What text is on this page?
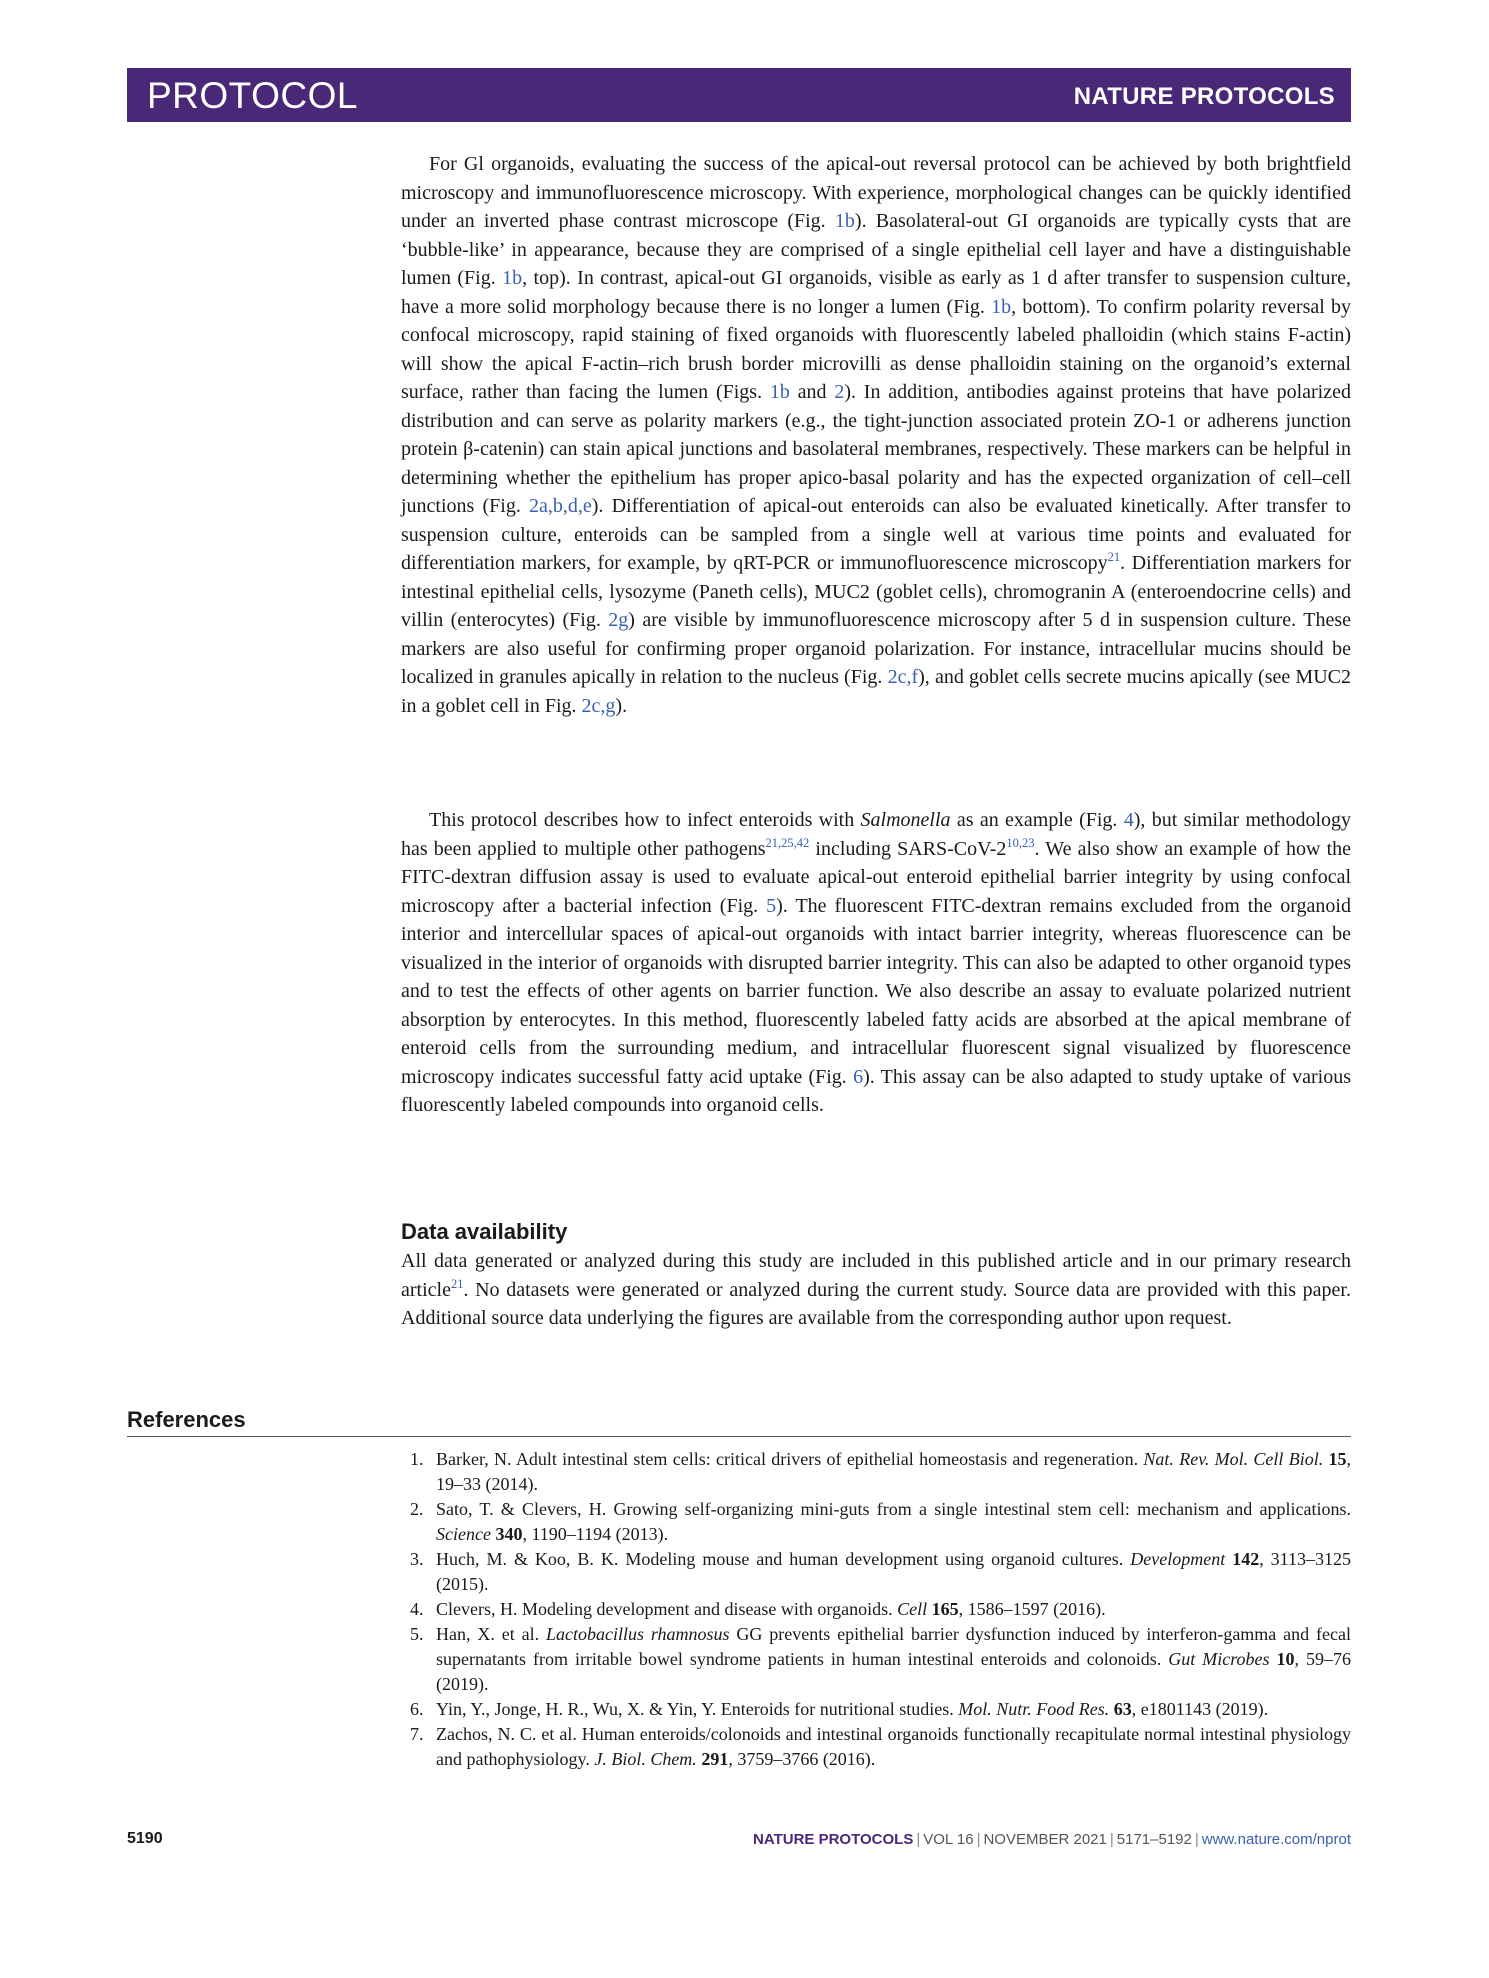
PROTOCOL	NATURE PROTOCOLS

For Gl organoids, evaluating the success of the apical-out reversal protocol can be achieved by both brightfield microscopy and immunofluorescence microscopy. With experience, morphological changes can be quickly identified under an inverted phase contrast microscope (Fig. 1b). Basolateral-out GI organoids are typically cysts that are ‘bubble-like’ in appearance, because they are comprised of a single epithelial cell layer and have a distinguishable lumen (Fig. 1b, top). In contrast, apical-out GI organoids, visible as early as 1 d after transfer to suspension culture, have a more solid morphology because there is no longer a lumen (Fig. 1b, bottom). To confirm polarity reversal by confocal microscopy, rapid staining of fixed organoids with fluorescently labeled phalloidin (which stains F-actin) will show the apical F-actin–rich brush border microvilli as dense phalloidin staining on the organoid’s external surface, rather than facing the lumen (Figs. 1b and 2). In addition, antibodies against proteins that have polarized distribution and can serve as polarity markers (e.g., the tight-junction associated protein ZO-1 or adherens junction protein β-catenin) can stain apical junctions and basolateral membranes, respectively. These markers can be helpful in determining whether the epithelium has proper apico-basal polarity and has the expected organization of cell–cell junctions (Fig. 2a,b,d,e). Differentiation of apical-out enteroids can also be evaluated kinetically. After transfer to suspension culture, enteroids can be sampled from a single well at various time points and evaluated for differentiation markers, for example, by qRT-PCR or immunofluorescence microscopy$^{21}$. Differentiation markers for intestinal epithelial cells, lysozyme (Paneth cells), MUC2 (goblet cells), chromogranin A (enteroendocrine cells) and villin (enterocytes) (Fig. 2g) are visible by immunofluorescence microscopy after 5 d in suspension culture. These markers are also useful for confirming proper organoid polarization. For instance, intracellular mucins should be localized in granules apically in relation to the nucleus (Fig. 2c,f), and goblet cells secrete mucins apically (see MUC2 in a goblet cell in Fig. 2c,g).

This protocol describes how to infect enteroids with Salmonella as an example (Fig. 4), but similar methodology has been applied to multiple other pathogens$^{21,25,42}$ including SARS-CoV-2$^{10,23}$. We also show an example of how the FITC-dextran diffusion assay is used to evaluate apical-out enteroid epithelial barrier integrity by using confocal microscopy after a bacterial infection (Fig. 5). The fluorescent FITC-dextran remains excluded from the organoid interior and intercellular spaces of apical-out organoids with intact barrier integrity, whereas fluorescence can be visualized in the interior of organoids with disrupted barrier integrity. This can also be adapted to other organoid types and to test the effects of other agents on barrier function. We also describe an assay to evaluate polarized nutrient absorption by enterocytes. In this method, fluorescently labeled fatty acids are absorbed at the apical membrane of enteroid cells from the surrounding medium, and intracellular fluorescent signal visualized by fluorescence microscopy indicates successful fatty acid uptake (Fig. 6). This assay can be also adapted to study uptake of various fluorescently labeled compounds into organoid cells.

Data availability

All data generated or analyzed during this study are included in this published article and in our primary research article$^{21}$. No datasets were generated or analyzed during the current study. Source data are provided with this paper. Additional source data underlying the figures are available from the corresponding author upon request.

References
1. Barker, N. Adult intestinal stem cells: critical drivers of epithelial homeostasis and regeneration. Nat. Rev. Mol. Cell Biol. 15, 19–33 (2014).
2. Sato, T. & Clevers, H. Growing self-organizing mini-guts from a single intestinal stem cell: mechanism and applications. Science 340, 1190–1194 (2013).
3. Huch, M. & Koo, B. K. Modeling mouse and human development using organoid cultures. Development 142, 3113–3125 (2015).
4. Clevers, H. Modeling development and disease with organoids. Cell 165, 1586–1597 (2016).
5. Han, X. et al. Lactobacillus rhamnosus GG prevents epithelial barrier dysfunction induced by interferon-gamma and fecal supernatants from irritable bowel syndrome patients in human intestinal enteroids and colonoids. Gut Microbes 10, 59–76 (2019).
6. Yin, Y., Jonge, H. R., Wu, X. & Yin, Y. Enteroids for nutritional studies. Mol. Nutr. Food Res. 63, e1801143 (2019).
7. Zachos, N. C. et al. Human enteroids/colonoids and intestinal organoids functionally recapitulate normal intestinal physiology and pathophysiology. J. Biol. Chem. 291, 3759–3766 (2016).
5190	NATURE PROTOCOLS | VOL 16 | NOVEMBER 2021 | 5171–5192 | www.nature.com/nprot
